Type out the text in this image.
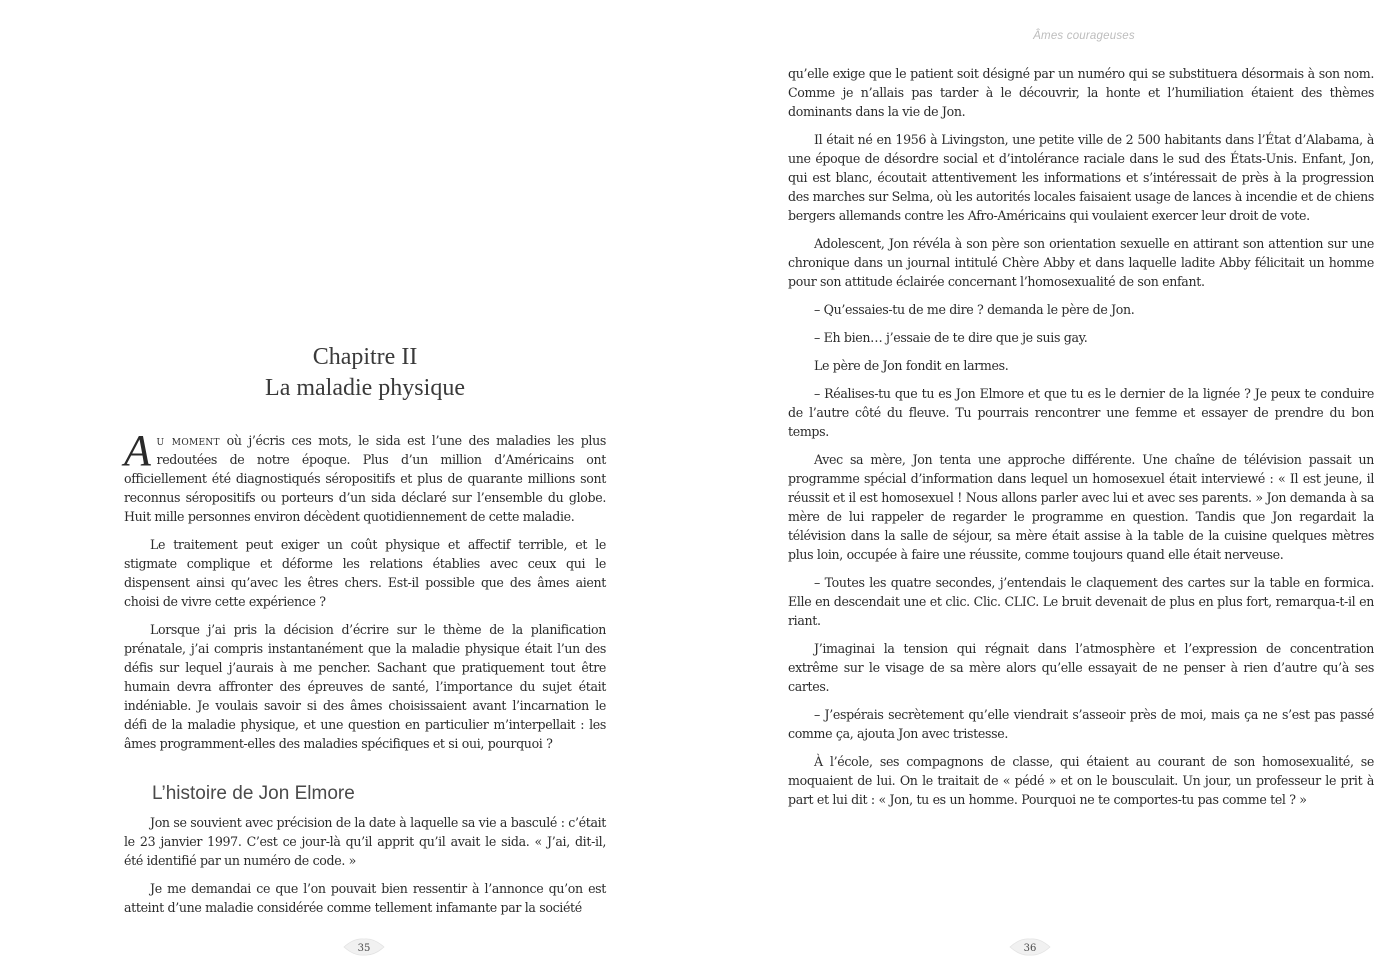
Chapitre II
La maladie physique

Au moment où j’écris ces mots, le sida est l’une des maladies les plus redoutées de notre époque. Plus d’un million d’Américains ont officiellement été diagnostiqués séropositifs et plus de quarante millions sont reconnus séropositifs ou porteurs d’un sida déclaré sur l’ensemble du globe. Huit mille personnes environ décèdent quotidiennement de cette maladie.

Le traitement peut exiger un coût physique et affectif terrible, et le stigmate complique et déforme les relations établies avec ceux qui le dispensent ainsi qu’avec les êtres chers. Est-il possible que des âmes aient choisi de vivre cette expérience ?

Lorsque j’ai pris la décision d’écrire sur le thème de la planification prénatale, j’ai compris instantanément que la maladie physique était l’un des défis sur lequel j’aurais à me pencher. Sachant que pratiquement tout être humain devra affronter des épreuves de santé, l’importance du sujet était indéniable. Je voulais savoir si des âmes choisissaient avant l’incarnation le défi de la maladie physique, et une question en particulier m’interpellait : les âmes programment-elles des maladies spécifiques et si oui, pourquoi ?

L’histoire de Jon Elmore

Jon se souvient avec précision de la date à laquelle sa vie a basculé : c’était le 23 janvier 1997. C’est ce jour-là qu’il apprit qu’il avait le sida. « J’ai, dit-il, été identifié par un numéro de code. »

Je me demandai ce que l’on pouvait bien ressentir à l’annonce qu’on est atteint d’une maladie considérée comme tellement infamante par la société

35
Âmes courageuses

qu’elle exige que le patient soit désigné par un numéro qui se substituera désormais à son nom. Comme je n’allais pas tarder à le découvrir, la honte et l’humiliation étaient des thèmes dominants dans la vie de Jon.

Il était né en 1956 à Livingston, une petite ville de 2 500 habitants dans l’État d’Alabama, à une époque de désordre social et d’intolérance raciale dans le sud des États-Unis. Enfant, Jon, qui est blanc, écoutait attentivement les informations et s’intéressait de près à la progression des marches sur Selma, où les autorités locales faisaient usage de lances à incendie et de chiens bergers allemands contre les Afro-Américains qui voulaient exercer leur droit de vote.

Adolescent, Jon révéla à son père son orientation sexuelle en attirant son attention sur une chronique dans un journal intitulé Chère Abby et dans laquelle ladite Abby félicitait un homme pour son attitude éclairée concernant l’homosexualité de son enfant.

– Qu’essaies-tu de me dire ? demanda le père de Jon.

– Eh bien… j’essaie de te dire que je suis gay.

Le père de Jon fondit en larmes.

– Réalises-tu que tu es Jon Elmore et que tu es le dernier de la lignée ? Je peux te conduire de l’autre côté du fleuve. Tu pourrais rencontrer une femme et essayer de prendre du bon temps.

Avec sa mère, Jon tenta une approche différente. Une chaîne de télévision passait un programme spécial d’information dans lequel un homosexuel était interviewé : « Il est jeune, il réussit et il est homosexuel ! Nous allons parler avec lui et avec ses parents. » Jon demanda à sa mère de lui rappeler de regarder le programme en question. Tandis que Jon regardait la télévision dans la salle de séjour, sa mère était assise à la table de la cuisine quelques mètres plus loin, occupée à faire une réussite, comme toujours quand elle était nerveuse.

– Toutes les quatre secondes, j’entendais le claquement des cartes sur la table en formica. Elle en descendait une et clic. Clic. CLIC. Le bruit devenait de plus en plus fort, remarqua-t-il en riant.

J’imaginai la tension qui régnait dans l’atmosphère et l’expression de concentration extrême sur le visage de sa mère alors qu’elle essayait de ne penser à rien d’autre qu’à ses cartes.

– J’espérais secrètement qu’elle viendrait s’asseoir près de moi, mais ça ne s’est pas passé comme ça, ajouta Jon avec tristesse.

À l’école, ses compagnons de classe, qui étaient au courant de son homosexualité, se moquaient de lui. On le traitait de « pédé » et on le bousculait. Un jour, un professeur le prit à part et lui dit : « Jon, tu es un homme. Pourquoi ne te comportes-tu pas comme tel ? »

36
